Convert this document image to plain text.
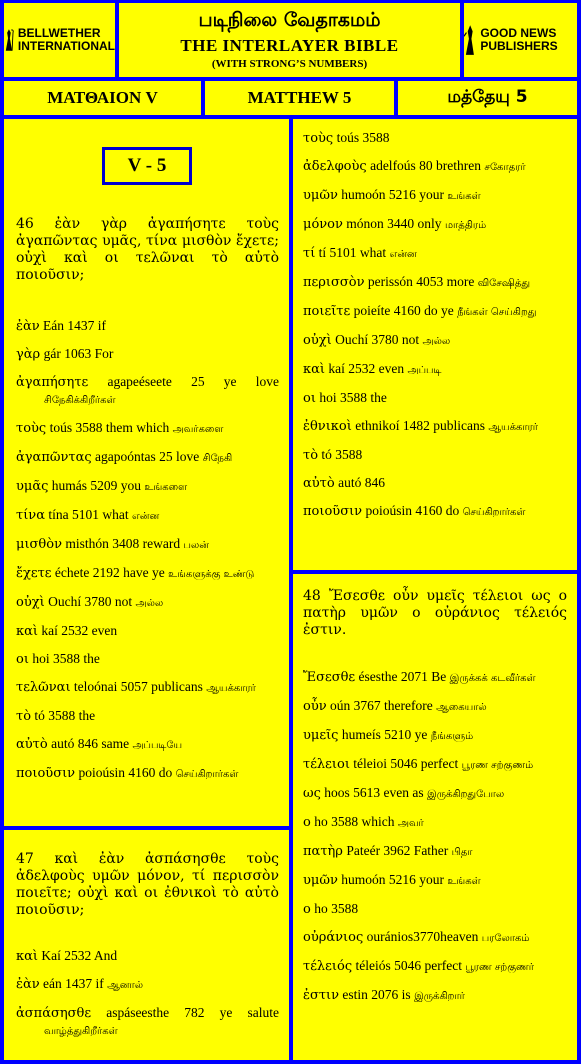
BELLWETHER INTERNATIONAL
படிநிலை வேதாகமம்
THE INTERLAYER BIBLE
(WITH STRONG’S NUMBERS)
GOOD NEWS PUBLISHERS
ΜΑΤΘΑΙΟΝ V	MATTHEW 5	மத்தேயு 5
V - 5
46 ἐὰν γὰρ ἀγαπήσητε τοὺς ἀγαπῶντας υμᾶς, τίνα μισθὸν ἔχετε; οὐχὶ καὶ οι τελῶναι τὸ αὐτὸ ποιοῦσιν;
ἐὰν Eán 1437 if
γὰρ gár 1063 For
ἀγαπήσητε agapeéseete 25 ye love சிநேகிக்கிறீர்கள்
τοὺς toús 3588 them which அவர்களை
ἀγαπῶντας agapoóntas 25 love சிநேகி
υμᾶς humás 5209 you உங்களை
τίνα tína 5101 what என்ன
μισθὸν misthón 3408 reward பலன்
ἔχετε échete 2192 have ye உங்களுக்கு உண்டு
οὐχὶ Ouchí 3780 not அல்ல
καὶ kaí 2532 even
οι hoi 3588 the
τελῶναι teloónai 5057 publicans ஆயக்காரர்
τὸ tó 3588 the
αὐτὸ autó 846 same அப்படியே
ποιοῦσιν poioúsin 4160 do செய்கிறார்கள்
47 καὶ ἐὰν ἀσπάσησθε τοὺς ἀδελφοὺς υμῶν μόνον, τί περισσὸν ποιεῖτε; οὐχὶ καὶ οι ἐθνικοὶ τὸ αὐτὸ ποιοῦσιν;
καὶ Kaí 2532 And
ἐὰν eán 1437 if ஆனால்
ἀσπάσησθε aspáseesthe 782 ye salute வாழ்த்துகிறீர்கள்
τοὺς toús 3588
ἀδελφοὺς adelfoús 80 brethren சகோதரர்
υμῶν humoón 5216 your உங்கள்
μόνον mónon 3440 only மாத்திரம்
τί tí 5101 what என்ன
περισσὸν perissón 4053 more விசேஷித்து
ποιεῖτε poieíte 4160 do ye நீங்கள் செய்கிறது
οὐχὶ Ouchí 3780 not அல்ல
καὶ kaí 2532 even அப்படி
οι hoi 3588 the
ἐθνικοὶ ethnikoí 1482 publicans ஆயக்காரர்
τὸ tó 3588
αὐτὸ autó 846
ποιοῦσιν poioúsin 4160 do செய்கிறார்கள்
48 Ἔσεσθε οὖν υμεῖς τέλειοι ως ο πατὴρ υμῶν ο οὐράνιος τέλειός ἐστιν.
Ἔσεσθε ésesthe 2071 Be இருக்கக் கடவீர்கள்
οὖν oún 3767 therefore ஆகையால்
υμεῖς humeís 5210 ye நீங்களும்
τέλειοι téleioi 5046 perfect பூரண சற்குணம்
ως hoos 5613 even as இருக்கிறதுபோல
ο ho 3588 which அவர்
πατὴρ Pateér 3962 Father பிதா
υμῶν humoón 5216 your உங்கள்
ο ho 3588
οὐράνιος ouránios3770heaven பரலோகம்
τέλειός téleiós 5046 perfect பூரண சற்குணர்
ἐστιν estin 2076 is இருக்கிறார்
